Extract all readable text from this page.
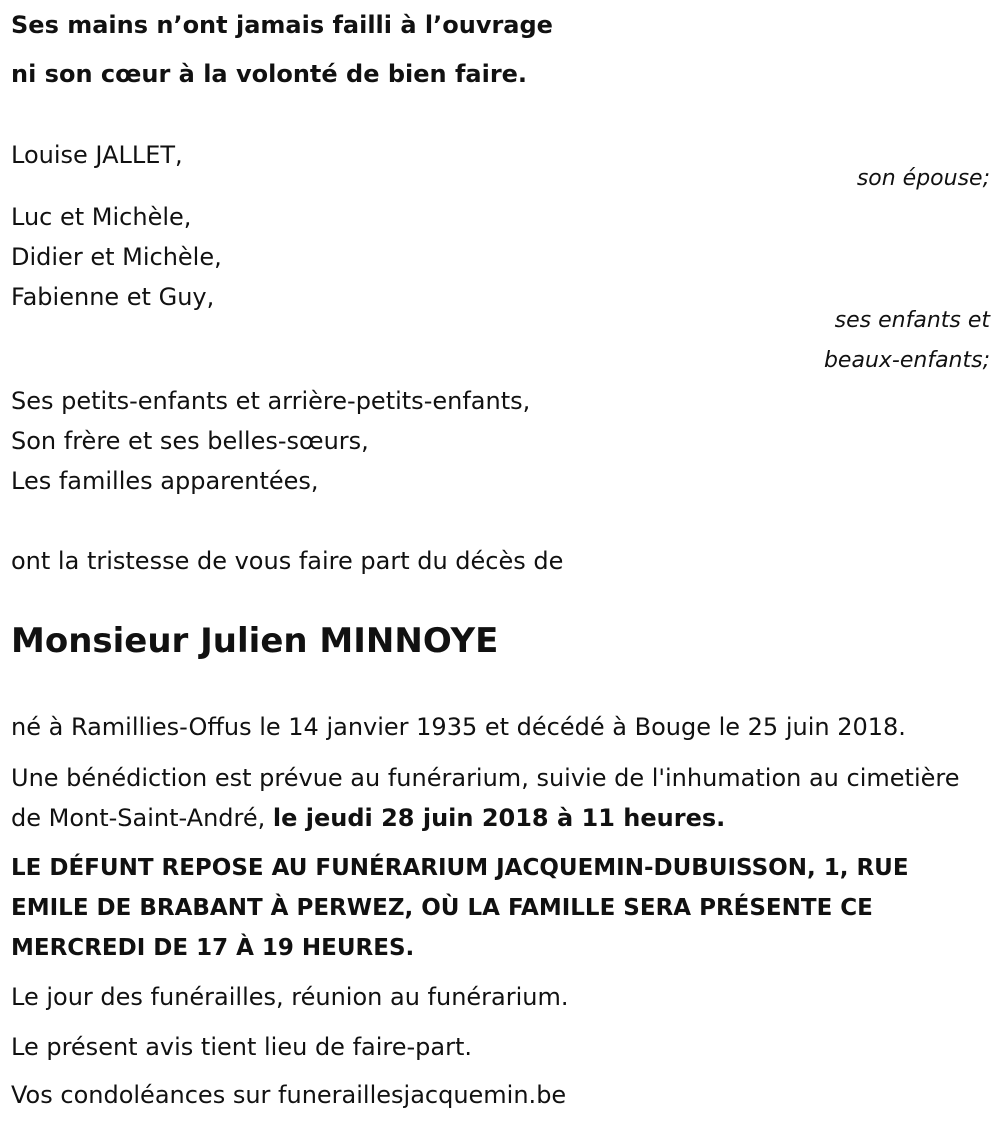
Ses mains n’ont jamais failli à l’ouvrage
ni son cœur à la volonté de bien faire.
Louise JALLET,
son épouse;
Luc et Michèle,
Didier et Michèle,
Fabienne et Guy,
ses enfants et
beaux-enfants;
Ses petits-enfants et arrière-petits-enfants,
Son frère et ses belles-sœurs,
Les familles apparentées,
ont la tristesse de vous faire part du décès de
Monsieur Julien MINNOYE
né à Ramillies-Offus le 14 janvier 1935 et décédé à Bouge le 25 juin 2018.
Une bénédiction est prévue au funérarium, suivie de l'inhumation au cimetière de Mont-Saint-André, le jeudi 28 juin 2018 à 11 heures.
LE DÉFUNT REPOSE AU FUNÉRARIUM JACQUEMIN-DUBUISSON, 1, RUE EMILE DE BRABANT À PERWEZ, OÙ LA FAMILLE SERA PRÉSENTE CE MERCREDI DE 17 À 19 HEURES.
Le jour des funérailles, réunion au funérarium.
Le présent avis tient lieu de faire-part.
Vos condoléances sur funeraillesjacquemin.be
